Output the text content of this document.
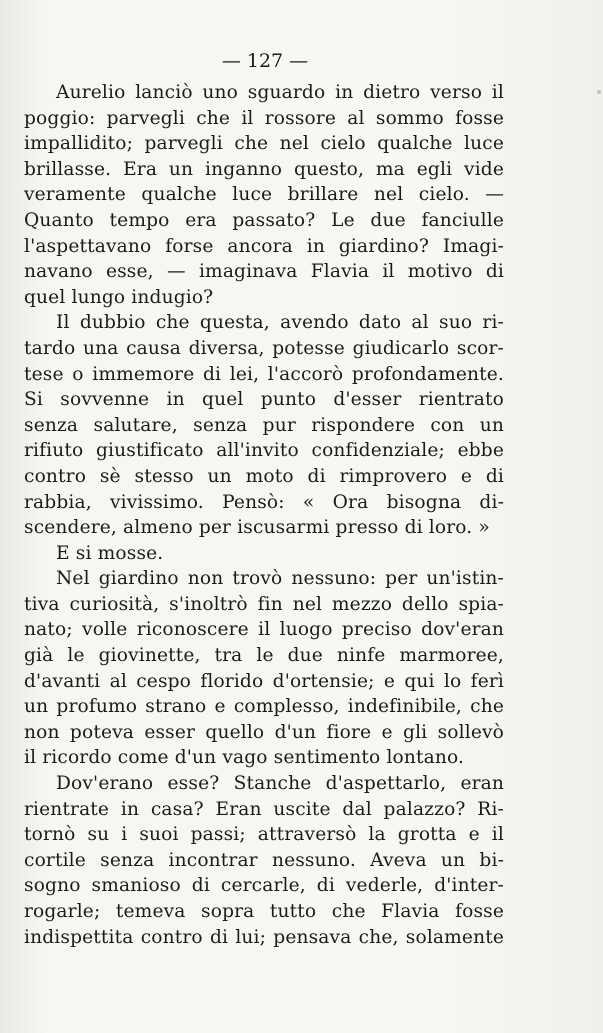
— 127 —
Aurelio lanciò uno sguardo in dietro verso il
poggio: parvegli che il rossore al sommo fosse
impallidito; parvegli che nel cielo qualche luce
brillasse. Era un inganno questo, ma egli vide
veramente qualche luce brillare nel cielo. —
Quanto tempo era passato? Le due fanciulle
l'aspettavano forse ancora in giardino? Imagi-
navano esse, — imaginava Flavia il motivo di
quel lungo indugio?
Il dubbio che questa, avendo dato al suo ri-
tardo una causa diversa, potesse giudicarlo scor-
tese o immemore di lei, l'accorò profondamente.
Si sovvenne in quel punto d'esser rientrato
senza salutare, senza pur rispondere con un
rifiuto giustificato all'invito confidenziale; ebbe
contro sè stesso un moto di rimprovero e di
rabbia, vivissimo. Pensò: « Ora bisogna di-
scendere, almeno per iscusarmi presso di loro. »
E si mosse.
Nel giardino non trovò nessuno: per un'istin-
tiva curiosità, s'inoltrò fin nel mezzo dello spia-
nato; volle riconoscere il luogo preciso dov'eran
già le giovinette, tra le due ninfe marmoree,
d'avanti al cespo florido d'ortensie; e qui lo ferì
un profumo strano e complesso, indefinibile, che
non poteva esser quello d'un fiore e gli sollevò
il ricordo come d'un vago sentimento lontano.
Dov'erano esse? Stanche d'aspettarlo, eran
rientrate in casa? Eran uscite dal palazzo? Ri-
tornò su i suoi passi; attraversò la grotta e il
cortile senza incontrar nessuno. Aveva un bi-
sogno smanioso di cercarle, di vederle, d'inter-
rogarle; temeva sopra tutto che Flavia fosse
indispettita contro di lui; pensava che, solamente
